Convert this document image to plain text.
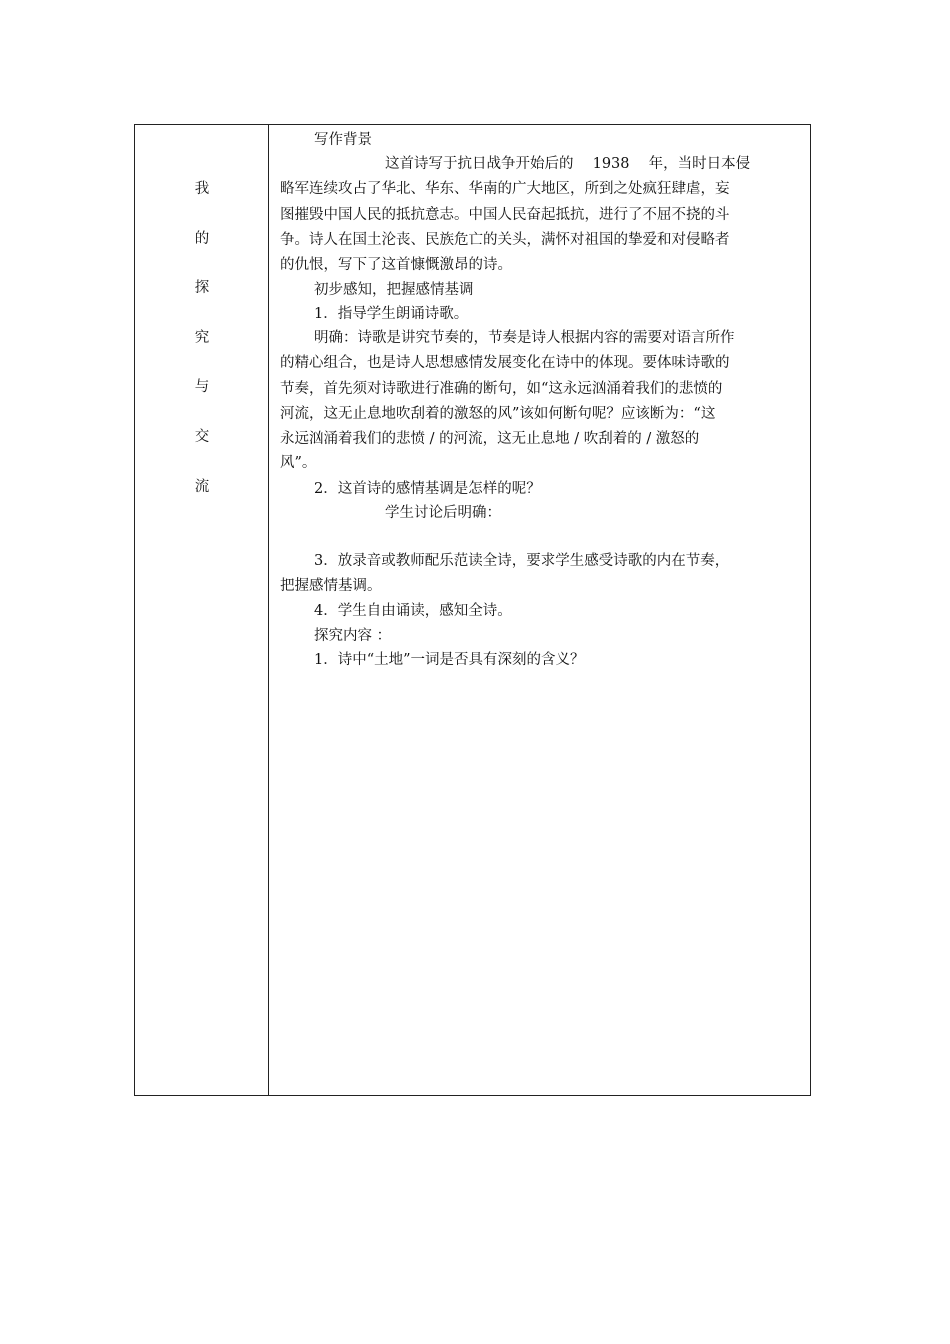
我
的
探
究
与
交
流
写作背景
这首诗写于抗日战争开始后的　 1938　 年，当时日本侵
略军连续攻占了华北、华东、华南的广大地区，所到之处疯狂肆虐，妄
图摧毁中国人民的抵抗意志。中国人民奋起抵抗，进行了不屈不挠的斗
争。诗人在国土沦丧、民族危亡的关头，满怀对祖国的挚爱和对侵略者
的仇恨，写下了这首慷慨激昂的诗。
初步感知，把握感情基调
1．指导学生朗诵诗歌。
明确：诗歌是讲究节奏的，节奏是诗人根据内容的需要对语言所作
的精心组合，也是诗人思想感情发展变化在诗中的体现。要体味诗歌的
节奏，首先须对诗歌进行准确的断句，如“这永远汹涌着我们的悲愤的
河流，这无止息地吹刮着的激怒的风”该如何断句呢？应该断为：“这
永远汹涌着我们的悲愤 / 的河流，这无止息地 / 吹刮着的 / 激怒的
风”。
2．这首诗的感情基调是怎样的呢？
学生讨论后明确：
3．放录音或教师配乐范读全诗，要求学生感受诗歌的内在节奏，
把握感情基调。
4．学生自由诵读，感知全诗。
探究内容 ：
1．诗中“土地”一词是否具有深刻的含义？
